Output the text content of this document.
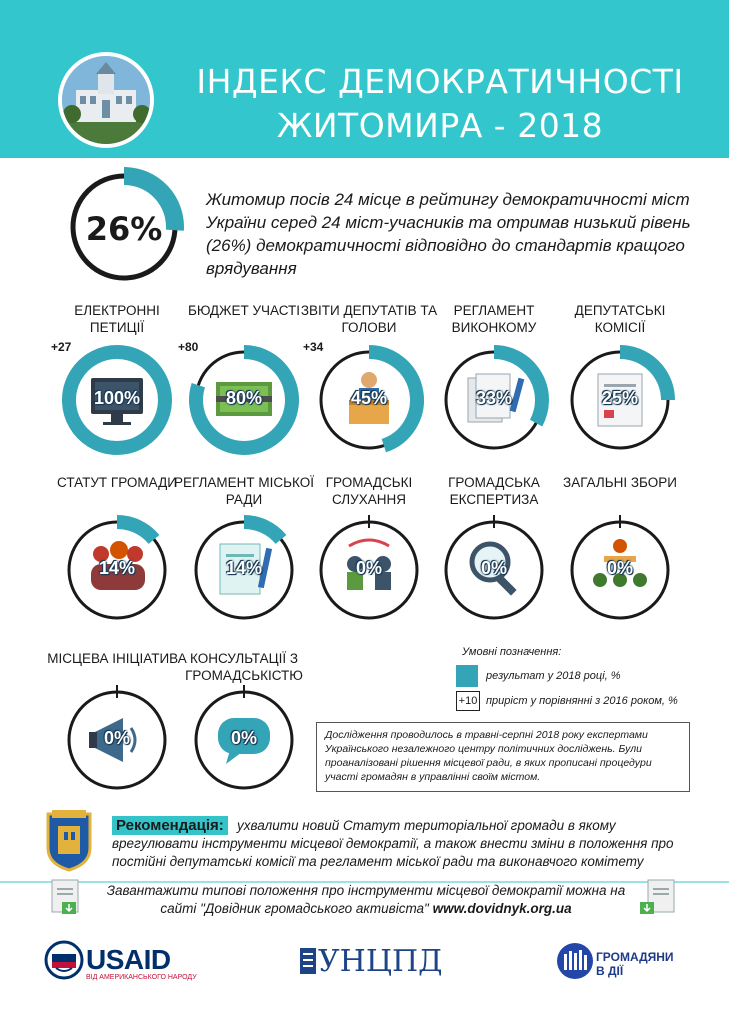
ІНДЕКС ДЕМОКРАТИЧНОСТІ
ЖИТОМИРА - 2018
26%
Житомир посів 24 місце в рейтингу демократичності міст України серед 24 міст-учасників та отримав низький рівень (26%) демократичності відповідно до стандартів кращого врядування
ЕЛЕКТРОННІ ПЕТИЦІЇ
100%
+27
БЮДЖЕТ УЧАСТІ
80%
+80
ЗВІТИ ДЕПУТАТІВ ТА ГОЛОВИ
45%
+34
РЕГЛАМЕНТ ВИКОНКОМУ
33%
ДЕПУТАТСЬКІ КОМІСІЇ
25%
СТАТУТ ГРОМАДИ
14%
РЕГЛАМЕНТ МІСЬКОЇ РАДИ
14%
ГРОМАДСЬКІ СЛУХАННЯ
0%
ГРОМАДСЬКА ЕКСПЕРТИЗА
0%
ЗАГАЛЬНІ ЗБОРИ
0%
МІСЦЕВА ІНІЦІАТИВА
0%
КОНСУЛЬТАЦІЇ З ГРОМАДСЬКІСТЮ
0%
Умовні позначення:
результат у 2018 році, %
+10 приріст у порівнянні з 2016 роком, %
Дослідження проводилось в травні-серпні 2018 року експертами Українського незалежного центру політичних досліджень. Були проаналізовані рішення місцевої ради, в яких прописані процедури участі громадян в управлінні своїм містом.
ухвалити новий Статут територіальної громади в якому врегулювати інструменти місцевої демократії, а також внести зміни в положення про постійні депутатські комісії та регламент міської ради та виконавчого комітету
Рекомендація:
Завантажити типові положення про інструменти місцевої демократії можна на сайті "Довідник громадського активіста" www.dovidnyk.org.ua
USAID
ВІД АМЕРИКАНСЬКОГО НАРОДУ	УНЦПД	ГРОМАДЯНИ
В ДІЇ
